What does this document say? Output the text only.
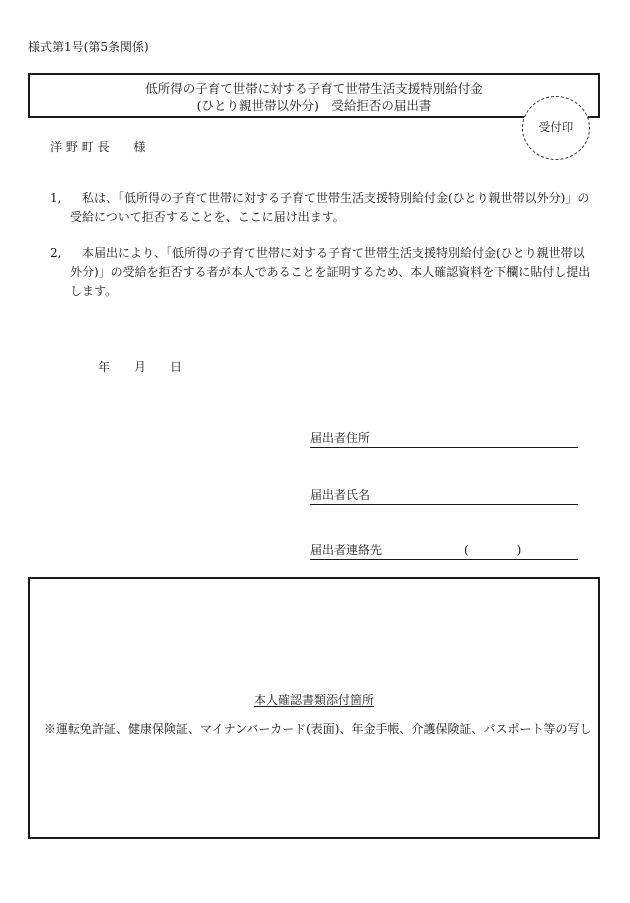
様式第1号(第5条関係)
低所得の子育て世帯に対する子育て世帯生活支援特別給付金
(ひとり親世帯以外分)　受給拒否の届出書
受付印
洋 野 町 長　　様
1, 私は、「低所得の子育て世帯に対する子育て世帯生活支援特別給付金(ひとり親世帯以外分)」の
受給について拒否することを、ここに届け出ます。
2, 本届出により、「低所得の子育て世帯に対する子育て世帯生活支援特別給付金(ひとり親世帯以
外分)」の受給を拒否する者が本人であることを証明するため、本人確認資料を下欄に貼付し提出
します。
年　　月　　日
届出者住所
届出者氏名
届出者連絡先	(　　　　)
本人確認書類添付箇所
※運転免許証、健康保険証、マイナンバーカード(表面)、年金手帳、介護保険証、パスポート等の写し
